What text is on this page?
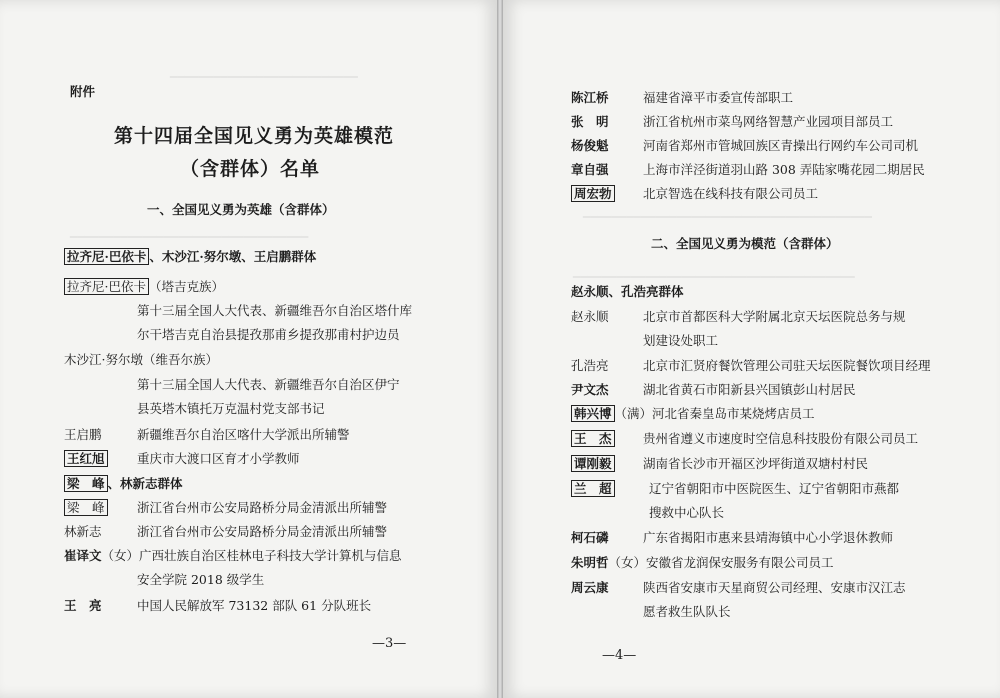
━━━━━━━━━━━━━━━━━━━━━━━━━━
━━━━━━━━━━━━━━━━━━━━━━━━━━━━━━━━━
附件
第十四届全国见义勇为英雄模范
（含群体）名单
一、全国见义勇为英雄（含群体）
拉齐尼·巴依卡 、木沙江·努尔墩、王启鹏群体
拉齐尼·巴依卡 （塔吉克族）
第十三届全国人大代表、新疆维吾尔自治区塔什库
尔干塔吉克自治县提孜那甫乡提孜那甫村护边员
木沙江·努尔墩（维吾尔族）
第十三届全国人大代表、新疆维吾尔自治区伊宁
县英塔木镇托万克温村党支部书记
王启鹏	新疆维吾尔自治区喀什大学派出所辅警
王红旭	重庆市大渡口区育才小学教师
梁　峰 、林新志群体
梁　峰	浙江省台州市公安局路桥分局金清派出所辅警
林新志	浙江省台州市公安局路桥分局金清派出所辅警
崔译文（女）广西壮族自治区桂林电子科技大学计算机与信息
安全学院 2018 级学生
王　亮	中国人民解放军 73132 部队 61 分队班长
—3—
━━━━━━━━━━━━━━━━━━━━━━━━━━━━━━━━━━━━━━━━
━━━━━━━━━━━━━━━━━━━━━━━━━━━━━━━━━━━━━━━
陈江桥	福建省漳平市委宣传部职工
张　明	浙江省杭州市菜鸟网络智慧产业园项目部员工
杨俊魁	河南省郑州市管城回族区青操出行网约车公司司机
章自强	上海市洋泾街道羽山路 308 弄陆家嘴花园二期居民
周宏勃	北京智选在线科技有限公司员工
二、全国见义勇为模范（含群体）
赵永顺、孔浩亮群体
赵永顺	北京市首都医科大学附属北京天坛医院总务与规
划建设处职工
孔浩亮	北京市汇贤府餐饮管理公司驻天坛医院餐饮项目经理
尹文杰	湖北省黄石市阳新县兴国镇彭山村居民
韩兴博 （满）河北省秦皇岛市某烧烤店员工
王　杰	贵州省遵义市速度时空信息科技股份有限公司员工
谭刚毅	湖南省长沙市开福区沙坪街道双塘村村民
兰　超	辽宁省朝阳市中医院医生、辽宁省朝阳市燕都
搜救中心队长
柯石磷	广东省揭阳市惠来县靖海镇中心小学退休教师
朱明哲（女）安徽省龙润保安服务有限公司员工
周云康	陕西省安康市天星商贸公司经理、安康市汉江志
愿者救生队队长
—4—
